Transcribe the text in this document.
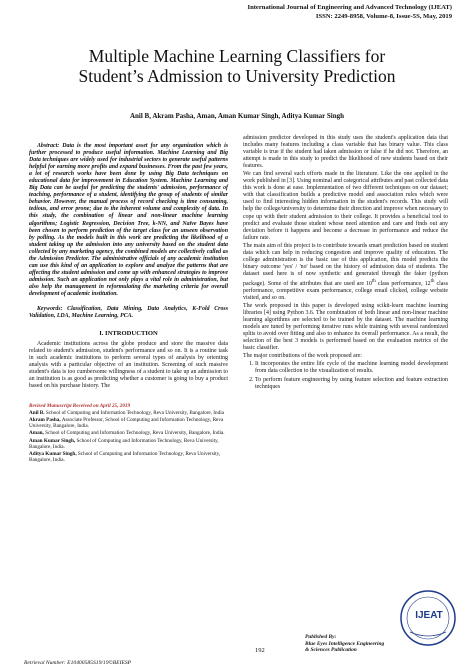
International Journal of Engineering and Advanced Technology (IJEAT)
ISSN: 2249-8958, Volume-8, Issue-5S, May, 2019
Multiple Machine Learning Classifiers for
Student’s Admission to University Prediction
Anil B, Akram Pasha, Aman, Aman Kumar Singh, Aditya Kumar Singh

Abstract: Data is the most important asset for any organization which is further processed to produce useful information. Machine Learning and Big Data techniques are widely used for industrial sectors to generate useful patterns helpful for earning more profits and expand businesses. From the past few years, a lot of research works have been done by using Big Data techniques on educational data for improvement in Education System. Machine Learning and Big Data can be useful for predicting the students' admission, performance of teaching, performance of a student, identifying the group of students of similar behavior. However, the manual process of record checking is time consuming, tedious, and error prone; due to the inherent volume and complexity of data. In this study, the combination of linear and non-linear machine learning algorithms; Logistic Regression, Decision Tree, k-NN, and Naïve Bayes have been chosen to perform prediction of the target class for an unseen observation by polling. As the models built in this work are predicting the likelihood of a student taking up the admission into any university based on the student data collected by any marketing agency, the combined models are collectively called as the Admission Predictor. The administrative officials of any academic institution can use this kind of an application to explore and analyze the patterns that are affecting the student admission and come up with enhanced strategies to improve admission. Such an application not only plays a vital role in administration, but also help the management in reformulating the marketing criteria for overall development of academic institution.

Keywords: Classification, Data Mining, Data Analytics, K-Fold Cross Validation, LDA, Machine Learning, PCA.

I. INTRODUCTION

Academic institutions across the globe produce and store the massive data related to student's admission, student's performance and so on. It is a routine task in such academic institutions to perform several types of analysis by orienting analysis with a particular objective of an institution. Screening of such massive student's data is too cumbersome willingness of a student to take up an admission to an institution is as good as predicting whether a customer is going to buy a product based on his purchase history. The

Revised Manuscript Received on April 25, 2019
Anil B. School of Computing and Information Technology, Reva University, Bangalore, India
Akram Pasha, Associate Professor, School of Computing and Information Technology, Reva University, Bangalore, India.
Aman, School of Computing and Information Technology, Reva University, Bangalore, India.
Aman Kumar Singh, School of Computing and Information Technology, Reva University, Bangalore, India.
Aditya Kumar Singh, School of Computing and Information Technology, Reva University, Bangalore, India.

admission predictor developed in this study uses the student's application data that includes many features including a class variable that has binary value. This class variable is true if the student had taken admission or false if he did not. Therefore, an attempt is made in this study to predict the likelihood of new students based on their features.

We can find several such efforts made in the literature. Like the one applied in the work published in [3]. Using nominal and categorical attributes and past collected data this work is done at ease. Implementation of two different techniques on our dataset; with that classification builds a predictive model and association rules which were used to find interesting hidden information in the student's records. This study will help the college/university to determine their direction and improve when necessary to cope up with their student admission to their college. It provides a beneficial tool to predict and evaluate those student whose need attention and care and finds out any deviation before it happens and become a decrease in performance and reduce the failure rate.

The main aim of this project is to contribute towards smart prediction based on student data which can help in reducing congestion and improve quality of education. The college administration is the basic use of this application, this model predicts the binary outcome 'yes' / 'no' based on the history of admission data of students. The dataset used here is of now synthetic and generated through the faker (python package). Some of the attributes that are used are 10th class performance, 12th class performance, competitive exam performance, college email clicked, college website visited, and so on.

The work proposed in this paper is developed using scikit-learn machine learning libraries [4] using Python 3.6. The combination of both linear and non-linear machine learning algorithms are selected to be trained by the dataset. The machine learning models are tuned by performing iterative runs while training with several randomized splits to avoid over fitting and also to enhance its overall performance. As a result, the selection of the best 3 models is performed based on the evaluation metrics of the basic classifier.

The major contributions of the work proposed are:

1. It incorporates the entire life cycle of the machine learning model development from data collection to the visualization of results.
2. To perform feature engineering by using feature selection and feature extraction techniques
IJEAT
Published By:
Blue Eyes Intelligence Engineering
& Sciences Publication
192
Retrieval Number: E10400585S19/19©BEIESP
